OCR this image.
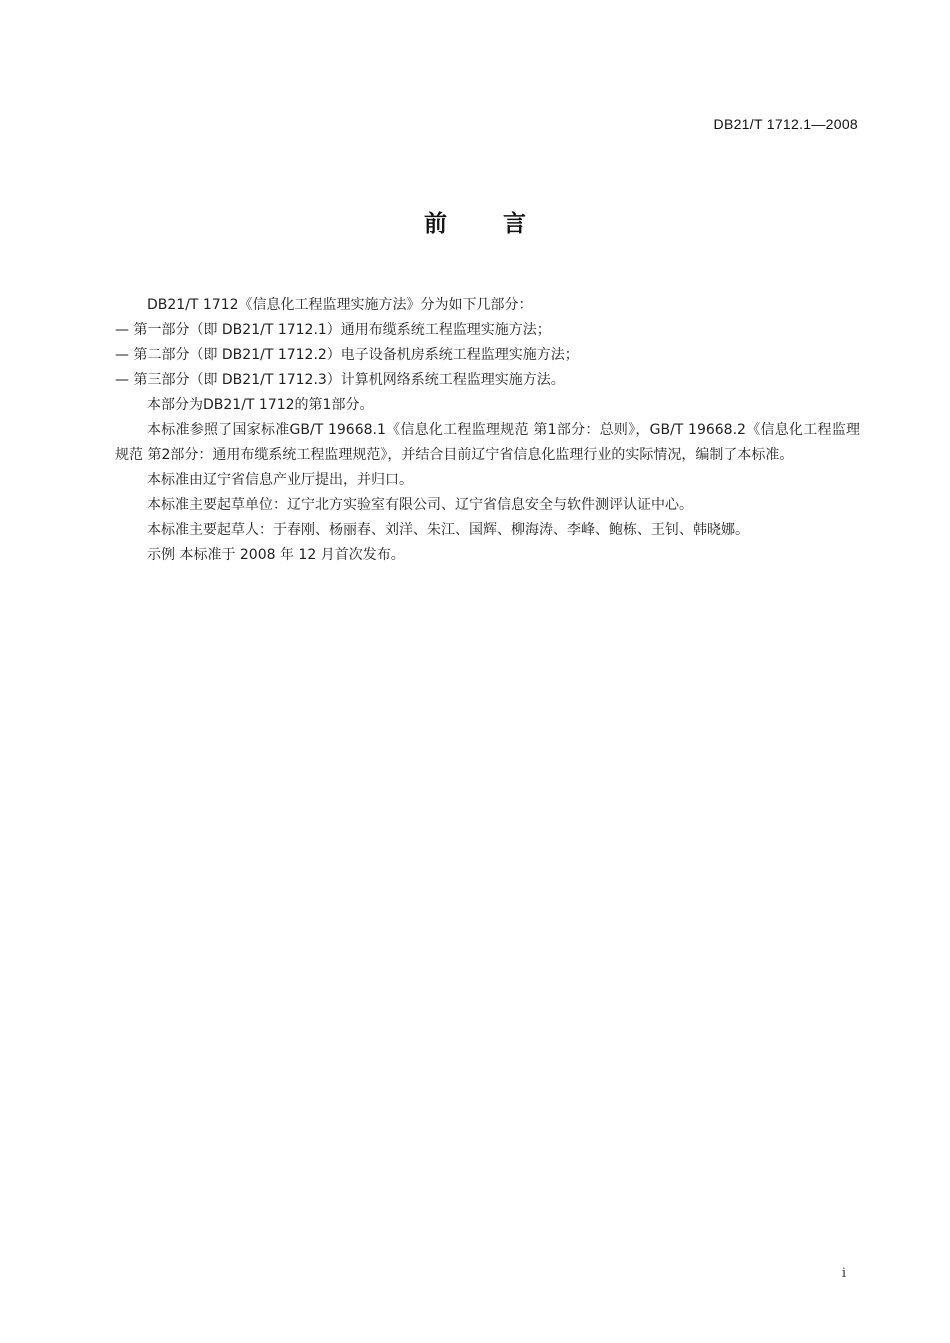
DB21/T 1712.1—2008
前言

DB21/T 1712《信息化工程监理实施方法》分为如下几部分：

— 第一部分（即 DB21/T 1712.1）通用布缆系统工程监理实施方法；

— 第二部分（即 DB21/T 1712.2）电子设备机房系统工程监理实施方法；

— 第三部分（即 DB21/T 1712.3）计算机网络系统工程监理实施方法。

本部分为DB21/T 1712的第1部分。

本标准参照了国家标准GB/T 19668.1《信息化工程监理规范 第1部分：总则》，GB/T 19668.2《信息化工程监理规范 第2部分：通用布缆系统工程监理规范》，并结合目前辽宁省信息化监理行业的实际情况，编制了本标准。

本标准由辽宁省信息产业厅提出，并归口。

本标准主要起草单位：辽宁北方实验室有限公司、辽宁省信息安全与软件测评认证中心。

本标准主要起草人：于春刚、杨丽春、刘洋、朱江、国辉、柳海涛、李峰、鲍栋、王钊、韩晓娜。

示例 本标准于 2008 年 12 月首次发布。

i
